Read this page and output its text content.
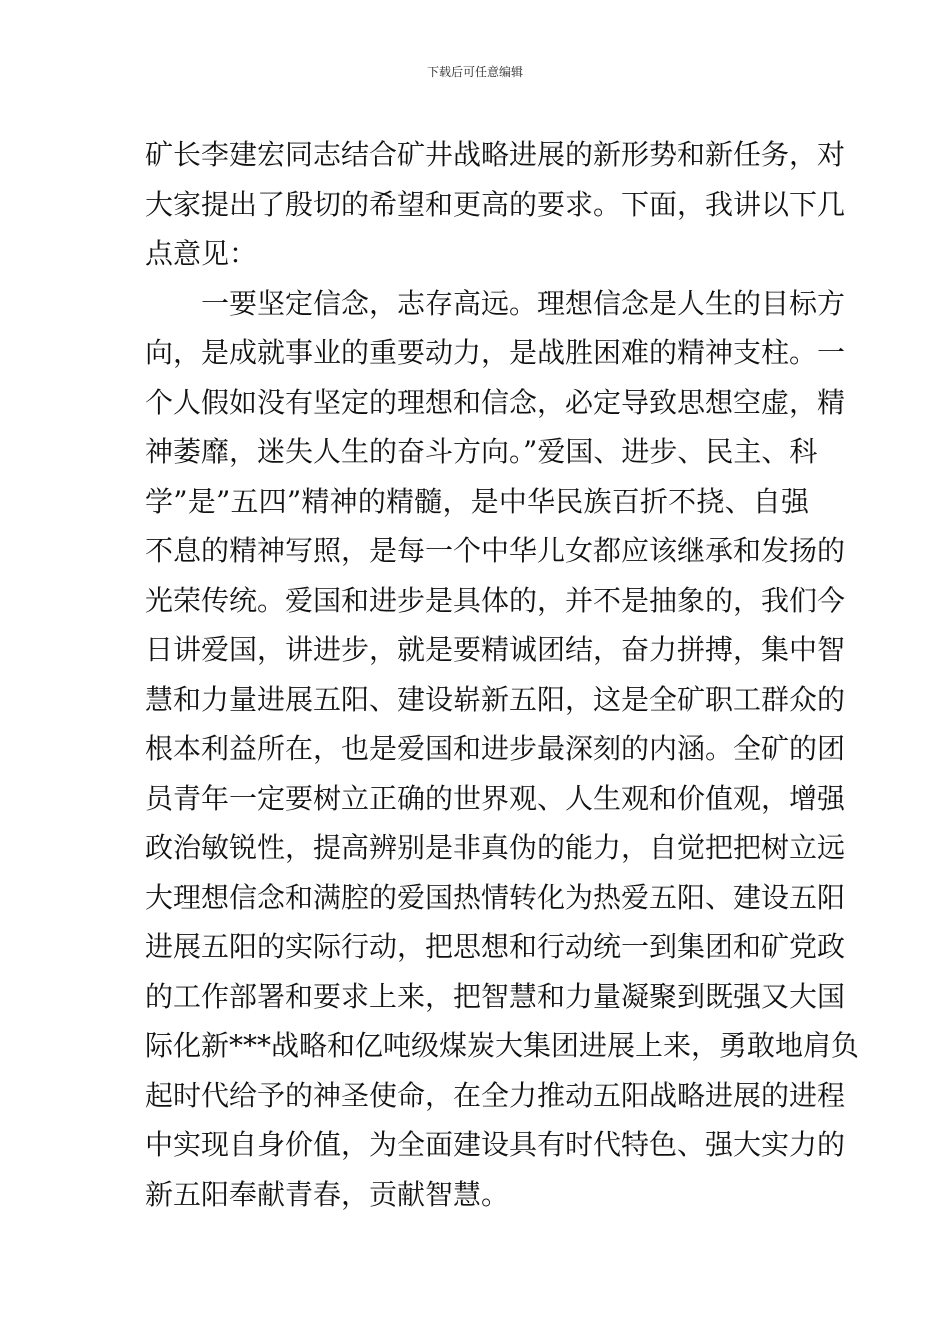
下载后可任意编辑
矿长李建宏同志结合矿井战略进展的新形势和新任务，对
大家提出了殷切的希望和更高的要求。下面，我讲以下几
点意见：
一要坚定信念，志存高远。理想信念是人生的目标方
向，是成就事业的重要动力，是战胜困难的精神支柱。一
个人假如没有坚定的理想和信念，必定导致思想空虚，精
神萎靡，迷失人生的奋斗方向。”爱国、进步、民主、科
学”是”五四”精神的精髓，是中华民族百折不挠、自强
不息的精神写照，是每一个中华儿女都应该继承和发扬的
光荣传统。爱国和进步是具体的，并不是抽象的，我们今
日讲爱国，讲进步，就是要精诚团结，奋力拼搏，集中智
慧和力量进展五阳、建设崭新五阳，这是全矿职工群众的
根本利益所在，也是爱国和进步最深刻的内涵。全矿的团
员青年一定要树立正确的世界观、人生观和价值观，增强
政治敏锐性，提高辨别是非真伪的能力，自觉把把树立远
大理想信念和满腔的爱国热情转化为热爱五阳、建设五阳
进展五阳的实际行动，把思想和行动统一到集团和矿党政
的工作部署和要求上来，把智慧和力量凝聚到既强又大国
际化新***战略和亿吨级煤炭大集团进展上来，勇敢地肩负
起时代给予的神圣使命，在全力推动五阳战略进展的进程
中实现自身价值，为全面建设具有时代特色、强大实力的
新五阳奉献青春，贡献智慧。
